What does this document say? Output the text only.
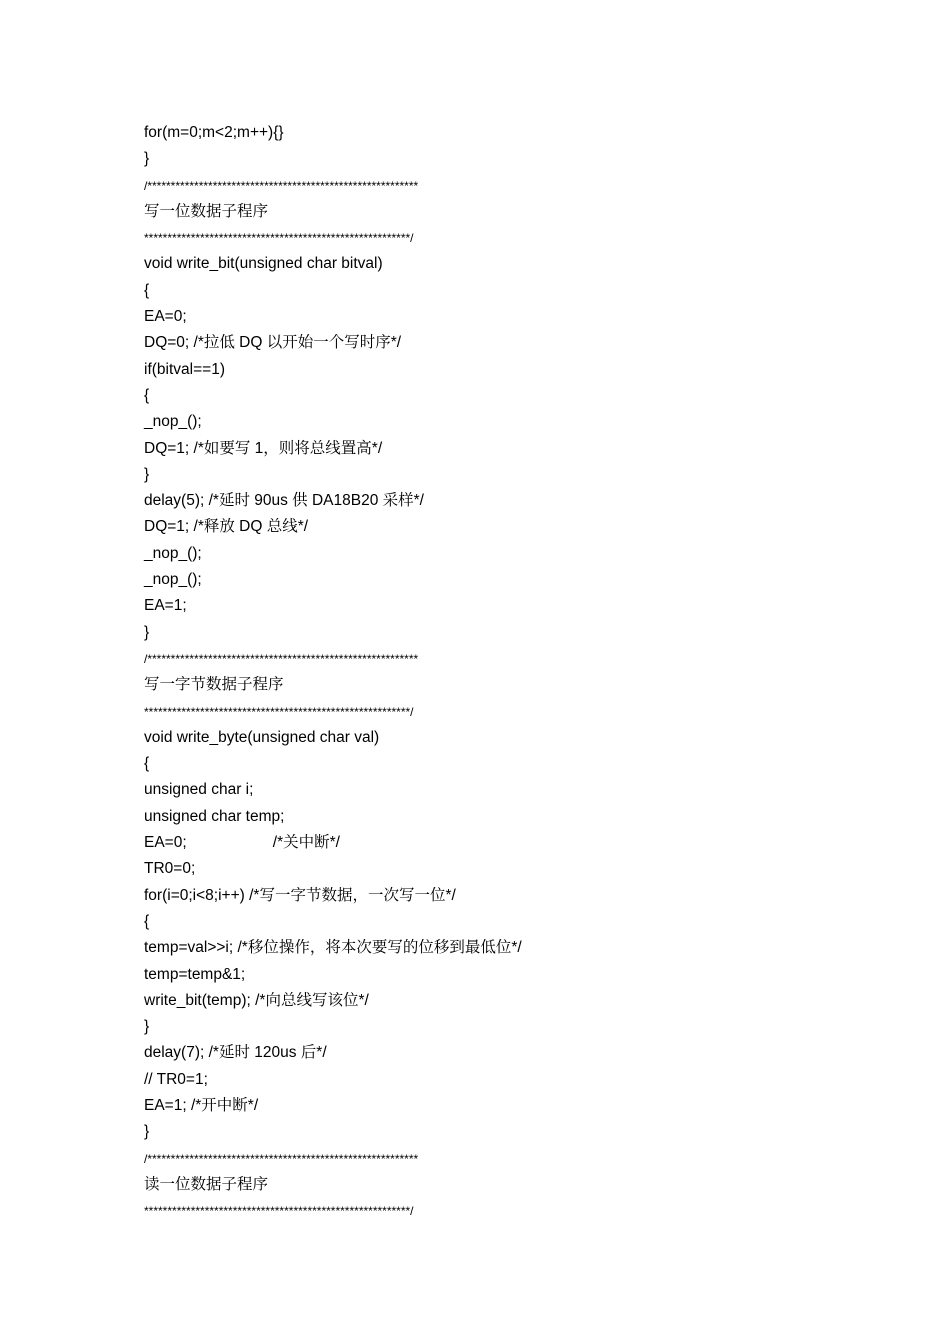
for(m=0;m<2;m++){}
}
/**********************************************************
写一位数据子程序
*********************************************************/
void write_bit(unsigned char bitval)
{
EA=0;
DQ=0; /*拉低 DQ 以开始一个写时序*/
if(bitval==1)
{
_nop_();
DQ=1; /*如要写 1，则将总线置高*/
}
delay(5); /*延时 90us 供 DA18B20 采样*/
DQ=1; /*释放 DQ 总线*/
_nop_();
_nop_();
EA=1;
}
/**********************************************************
写一字节数据子程序
*********************************************************/
void write_byte(unsigned char val)
{
unsigned char i;
unsigned char temp;
EA=0;                    /*关中断*/
TR0=0;
for(i=0;i<8;i++) /*写一字节数据，一次写一位*/
{
temp=val>>i; /*移位操作，将本次要写的位移到最低位*/
temp=temp&1;
write_bit(temp); /*向总线写该位*/
}
delay(7); /*延时 120us 后*/
// TR0=1;
EA=1; /*开中断*/
}
/**********************************************************
读一位数据子程序
*********************************************************/
